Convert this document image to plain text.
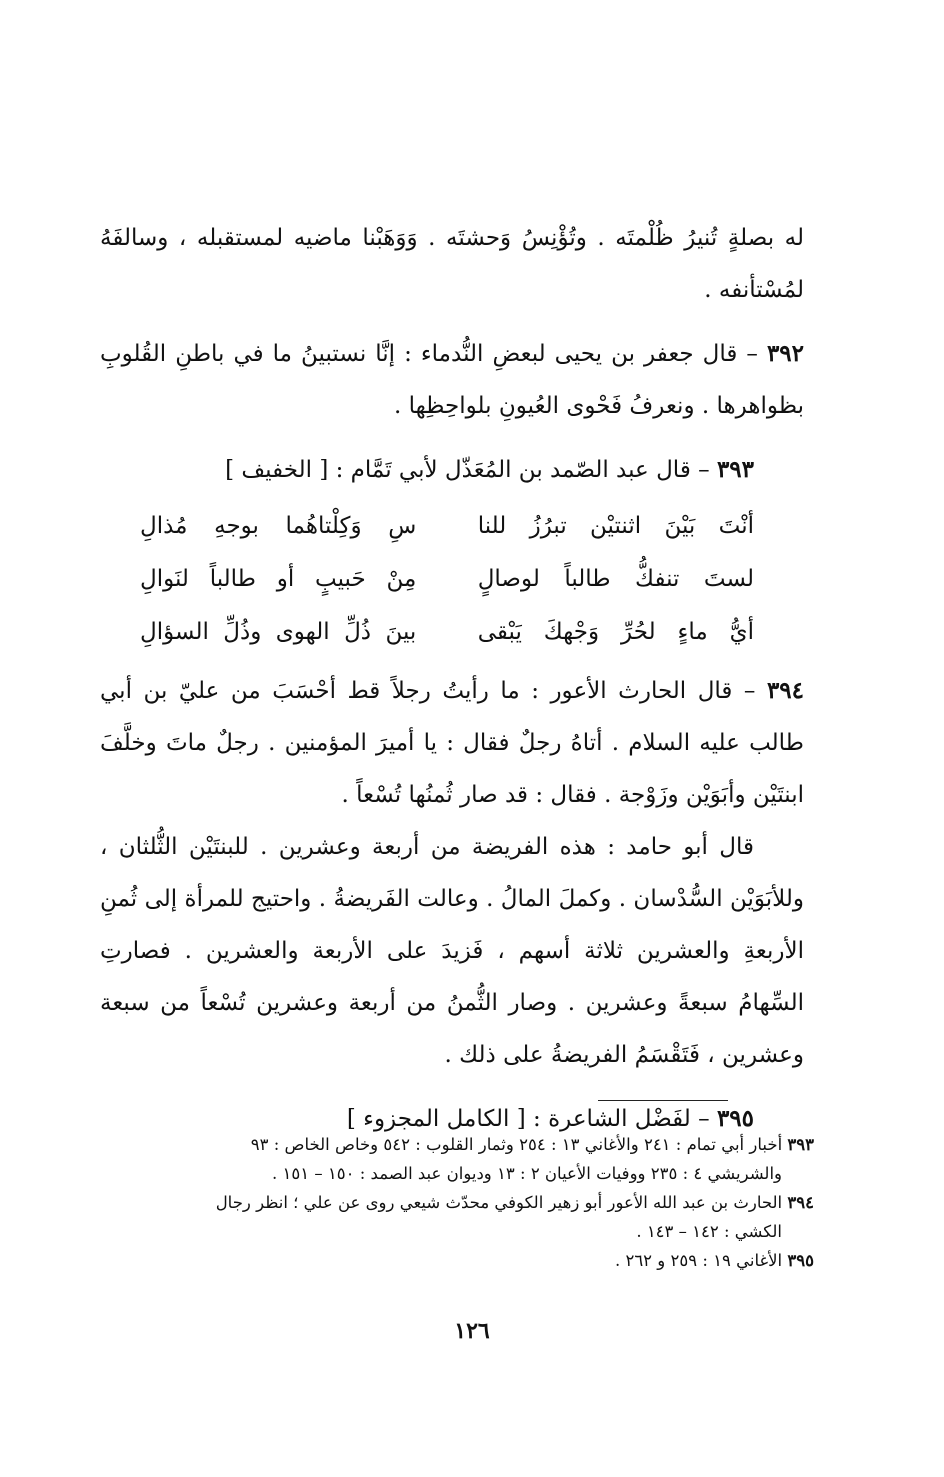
له بصلةٍ تُنيرُ ظُلْمتَه . وتُؤْنِسُ وَحشتَه . وَوَهَبْنا ماضيه لمستقبله ، وسالفَهُ لمُسْتأنفه .

٣٩٢ – قال جعفر بن يحيى لبعضِ النُّدماء : إنَّا نستبينُ ما في باطنِ القُلوبِ بظواهرها . ونعرفُ فَحْوى العُيونِ بلواحِظِها .

٣٩٣ – قال عبد الصّمد بن المُعَذّل لأبي تَمَّام : [ الخفيف ]

أنْتَ بَيْنَ اثنتيْن تبرُزُ للنا
سِ وَكِلْتاهُما بوجهِ مُذالِ
لستَ تنفكُّ طالباً لوصالٍ
مِنْ حَبيبٍ أو طالباً لنَوالِ
أيُّ ماءٍ لحُرِّ وَجْهكَ يَبْقى
بينَ ذُلِّ الهوى وذُلِّ السؤالِ

٣٩٤ – قال الحارث الأعور : ما رأيتُ رجلاً قط أحْسَبَ من عليّ بن أبي طالب عليه السلام . أتاهُ رجلٌ فقال : يا أميرَ المؤمنين . رجلٌ ماتَ وخلَّفَ ابنتَيْن وأبَوَيْن وزَوْجة . فقال : قد صار ثُمنُها تُسْعاً .

قال أبو حامد : هذه الفريضة من أربعة وعشرين . للبنتَيْن الثُّلثان ، وللأبَوَيْن السُّدْسان . وكملَ المالُ . وعالت الفَريضةُ . واحتيج للمرأة إلى ثُمنِ الأربعةِ والعشرين ثلاثة أسهم ، فَزيدَ على الأربعة والعشرين . فصارتِ السِّهامُ سبعةً وعشرين . وصار الثُّمنُ من أربعة وعشرين تُسْعاً من سبعة وعشرين ، فَتَقْسَمُ الفريضةُ على ذلك .

٣٩٥ – لفَضْل الشاعرة : [ الكامل المجزوء ]

٣٩٣ أخبار أبي تمام : ٢٤١ والأغاني ١٣ : ٢٥٤ وثمار القلوب : ٥٤٢ وخاص الخاص : ٩٣

والشريشي ٤ : ٢٣٥ ووفيات الأعيان ٢ : ١٣ وديوان عبد الصمد : ١٥٠ – ١٥١ .

٣٩٤ الحارث بن عبد الله الأعور أبو زهير الكوفي محدّث شيعي روى عن علي ؛ انظر رجال

الكشي : ١٤٢ – ١٤٣ .

٣٩٥ الأغاني ١٩ : ٢٥٩ و ٢٦٢ .

١٢٦
